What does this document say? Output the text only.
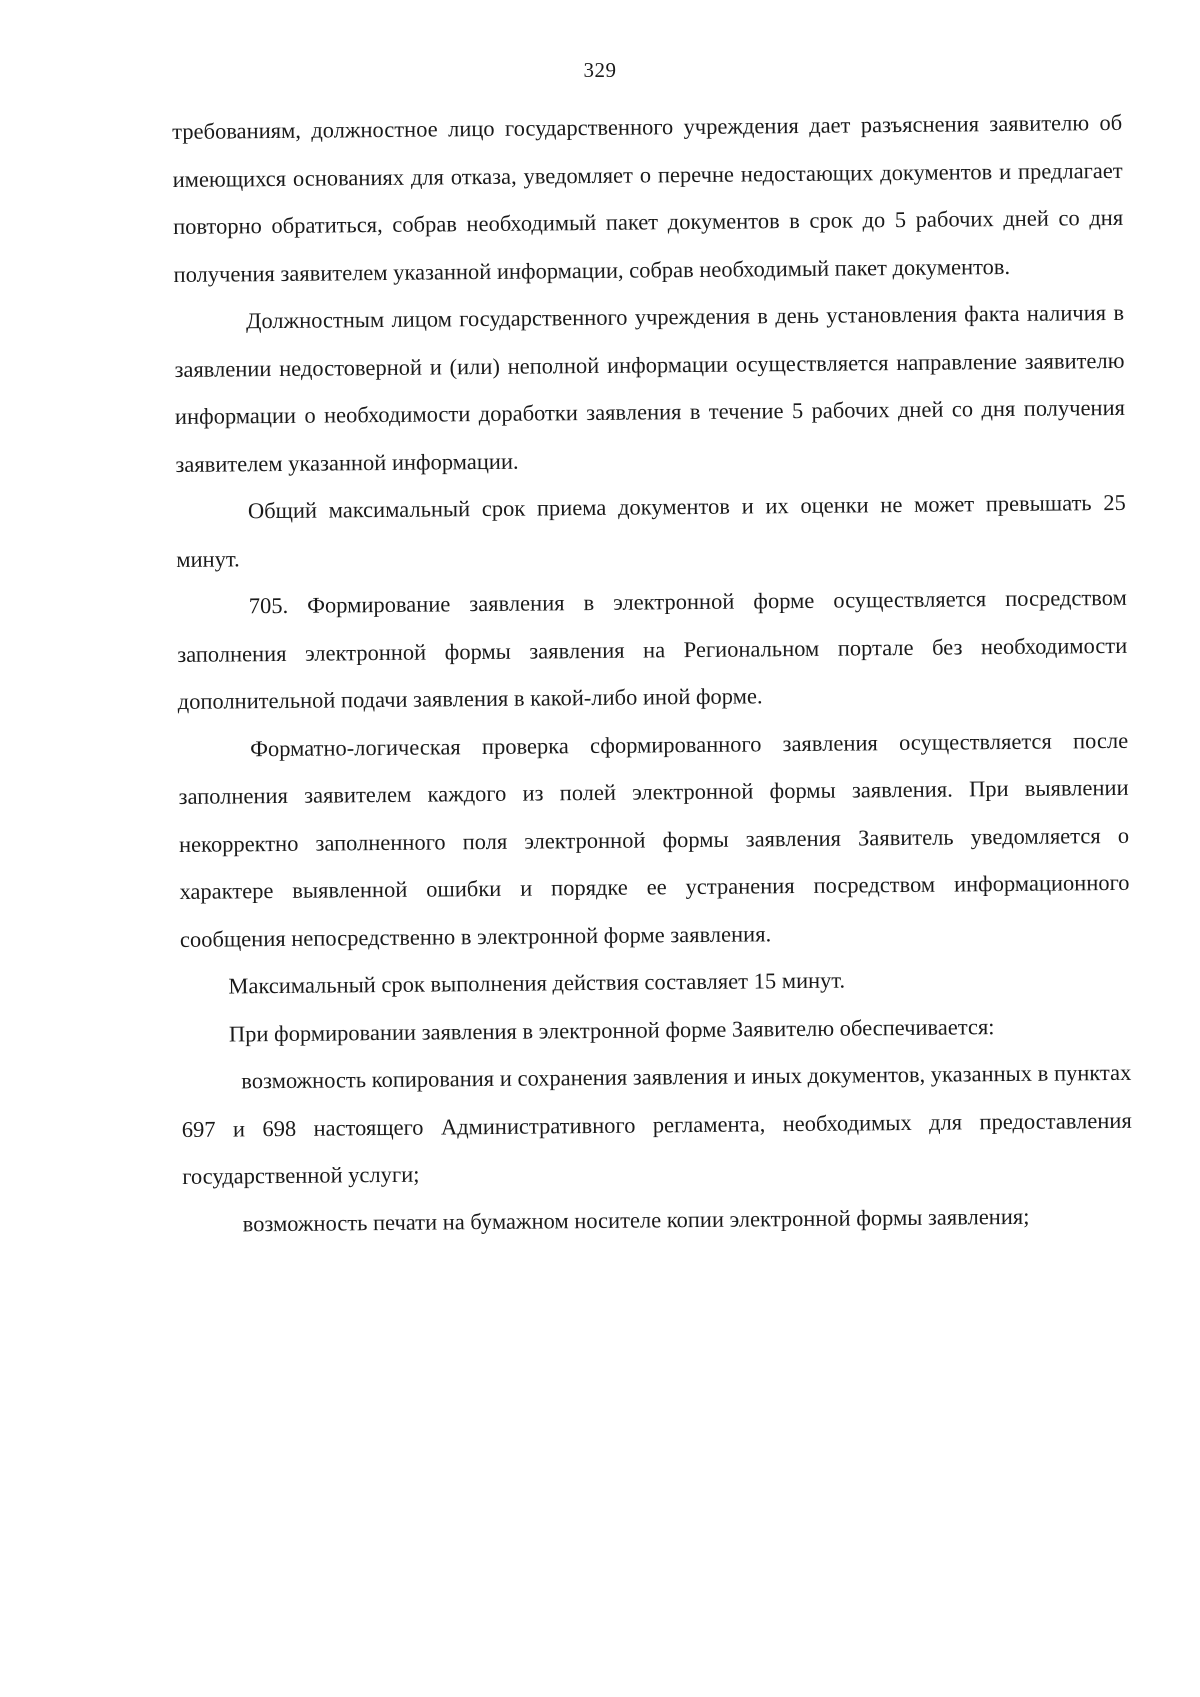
329

требованиям, должностное лицо государственного учреждения дает разъяснения заявителю об имеющихся основаниях для отказа, уведомляет о перечне недостающих документов и предлагает повторно обратиться, собрав необходимый пакет документов в срок до 5 рабочих дней со дня получения заявителем указанной информации, собрав необходимый пакет документов.

Должностным лицом государственного учреждения в день установления факта наличия в заявлении недостоверной и (или) неполной информации осуществляется направление заявителю информации о необходимости доработки заявления в течение 5 рабочих дней со дня получения заявителем указанной информации.

Общий максимальный срок приема документов и их оценки не может превышать 25 минут.

705. Формирование заявления в электронной форме осуществляется посредством заполнения электронной формы заявления на Региональном портале без необходимости дополнительной подачи заявления в какой-либо иной форме.

Форматно-логическая проверка сформированного заявления осуществляется после заполнения заявителем каждого из полей электронной формы заявления. При выявлении некорректно заполненного поля электронной формы заявления Заявитель уведомляется о характере выявленной ошибки и порядке ее устранения посредством информационного сообщения непосредственно в электронной форме заявления.

Максимальный срок выполнения действия составляет 15 минут.

При формировании заявления в электронной форме Заявителю обеспечивается:

возможность копирования и сохранения заявления и иных документов, указанных в пунктах 697 и 698 настоящего Административного регламента, необходимых для предоставления государственной услуги;

возможность печати на бумажном носителе копии электронной формы заявления;
